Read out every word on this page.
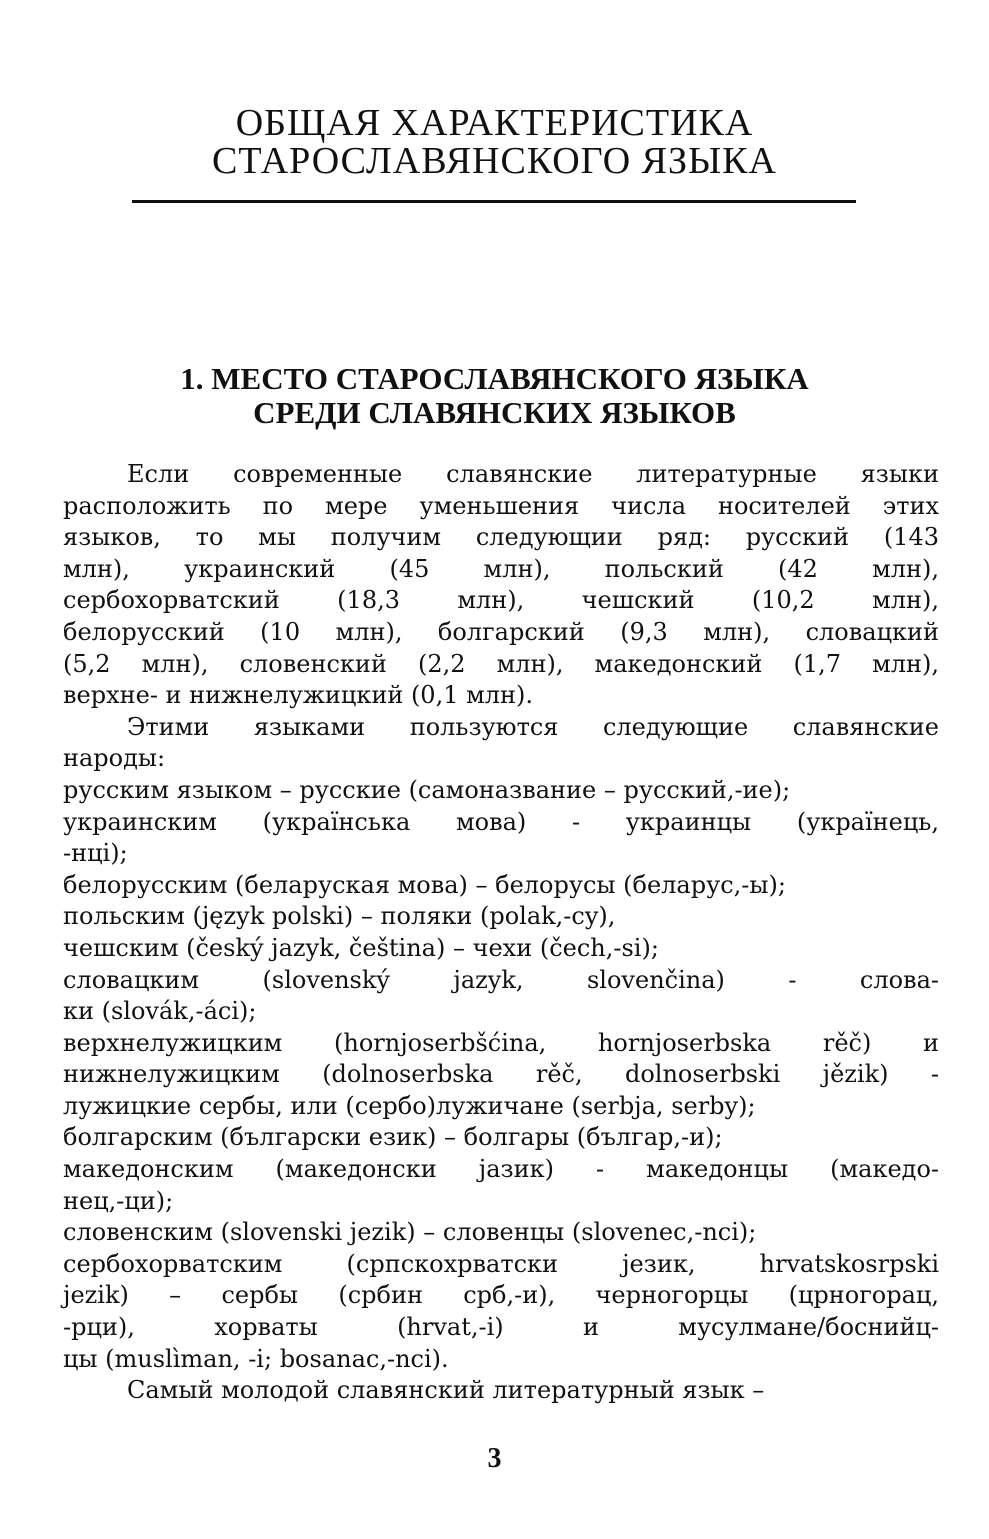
ОБЩАЯ ХАРАКТЕРИСТИКА
СТАРОСЛАВЯНСКОГО ЯЗЫКА
1. МЕСТО СТАРОСЛАВЯНСКОГО ЯЗЫКА
СРЕДИ СЛАВЯНСКИХ ЯЗЫКОВ
Если современные славянские литературные языки
расположить по мере уменьшения числа носителей этих
языков, то мы получим следующии ряд: русский (143
млн), украинский (45 млн), польский (42 млн),
сербохорватский (18,3 млн), чешский (10,2 млн),
белорусский (10 млн), болгарский (9,3 млн), словацкий
(5,2 млн), словенский (2,2 млн), македонский (1,7 млн),
верхне- и нижнелужицкий (0,1 млн).
Этими языками пользуются следующие славянские
народы:
русским языком – русские (самоназвание – русский,-ие);
украинским (українська мова) - украинцы (українець,
-нці);
белорусским (беларуская мова) – белорусы (беларус,-ы);
польским (język polski) – поляки (polak,-cy),
чешским (český jazyk, čeština) – чехи (čech,-si);
словацким (slovenský jazyk, slovenčina) - слова-
ки (slovák,-áci);
верхнелужицким (hornjoserbšćina, hornjoserbska rěč) и
нижнелужицким (dolnoserbska rěč, dolnoserbski jězik) -
лужицкие сербы, или (сербо)лужичане (serbja, serby);
болгарским (български език) – болгары (българ,-и);
македонским (македонски jазик) - македонцы (македо-
нец,-ци);
словенским (slovenski jezik) – словенцы (slovenec,-nci);
сербохорватским (српскохрватски језик, hrvatskosrpski
jezik) – сербы (србин срб,-и), черногорцы (црногорац,
-рци), хорваты (hrvat,-i) и мусулмане/боснийц-
цы (muslìman, -i; bosanac,-nci).
Самый молодой славянский литературный язык –
3
